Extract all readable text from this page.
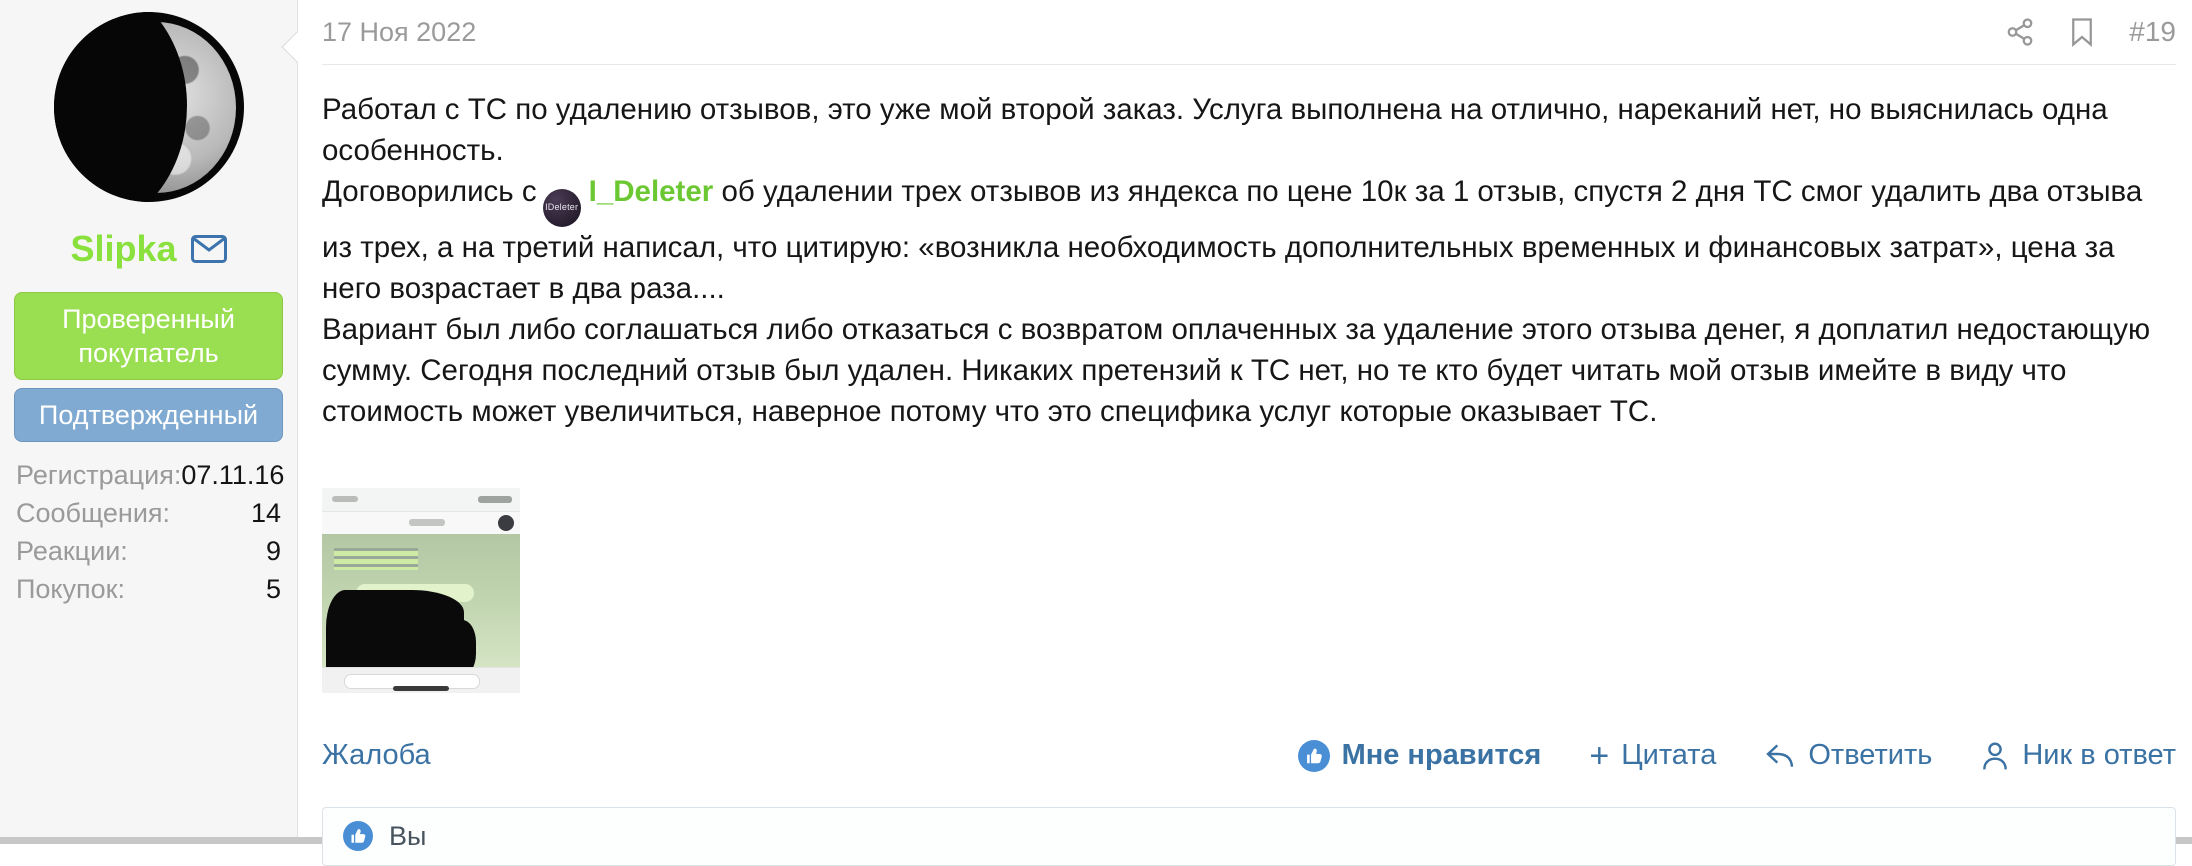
Slipka
Проверенный покупатель
Подтвержденный
Регистрация: 07.11.16
Сообщения:	14
Реакции:	9
Покупок:	5
17 Ноя 2022	#19
Работал с ТС по удалению отзывов, это уже мой второй заказ. Услуга выполнена на отлично, нареканий нет, но выяснилась одна особенность.
Договорились с IDeleter I_Deleter об удалении трех отзывов из яндекса по цене 10к за 1 отзыв, спустя 2 дня ТС смог удалить два отзыва из трех, а на третий написал, что цитирую: «возникла необходимость дополнительных временных и финансовых затрат», цена за него возрастает в два раза....
Вариант был либо соглашаться либо отказаться с возвратом оплаченных за удаление этого отзыва денег, я доплатил недостающую сумму. Сегодня последний отзыв был удален. Никаких претензий к ТС нет, но те кто будет читать мой отзыв имейте в виду что стоимость может увеличиться, наверное потому что это специфика услуг которые оказывает ТС.
Жалоба	Мне нравится + Цитата	Ответить	Ник в ответ
Вы
